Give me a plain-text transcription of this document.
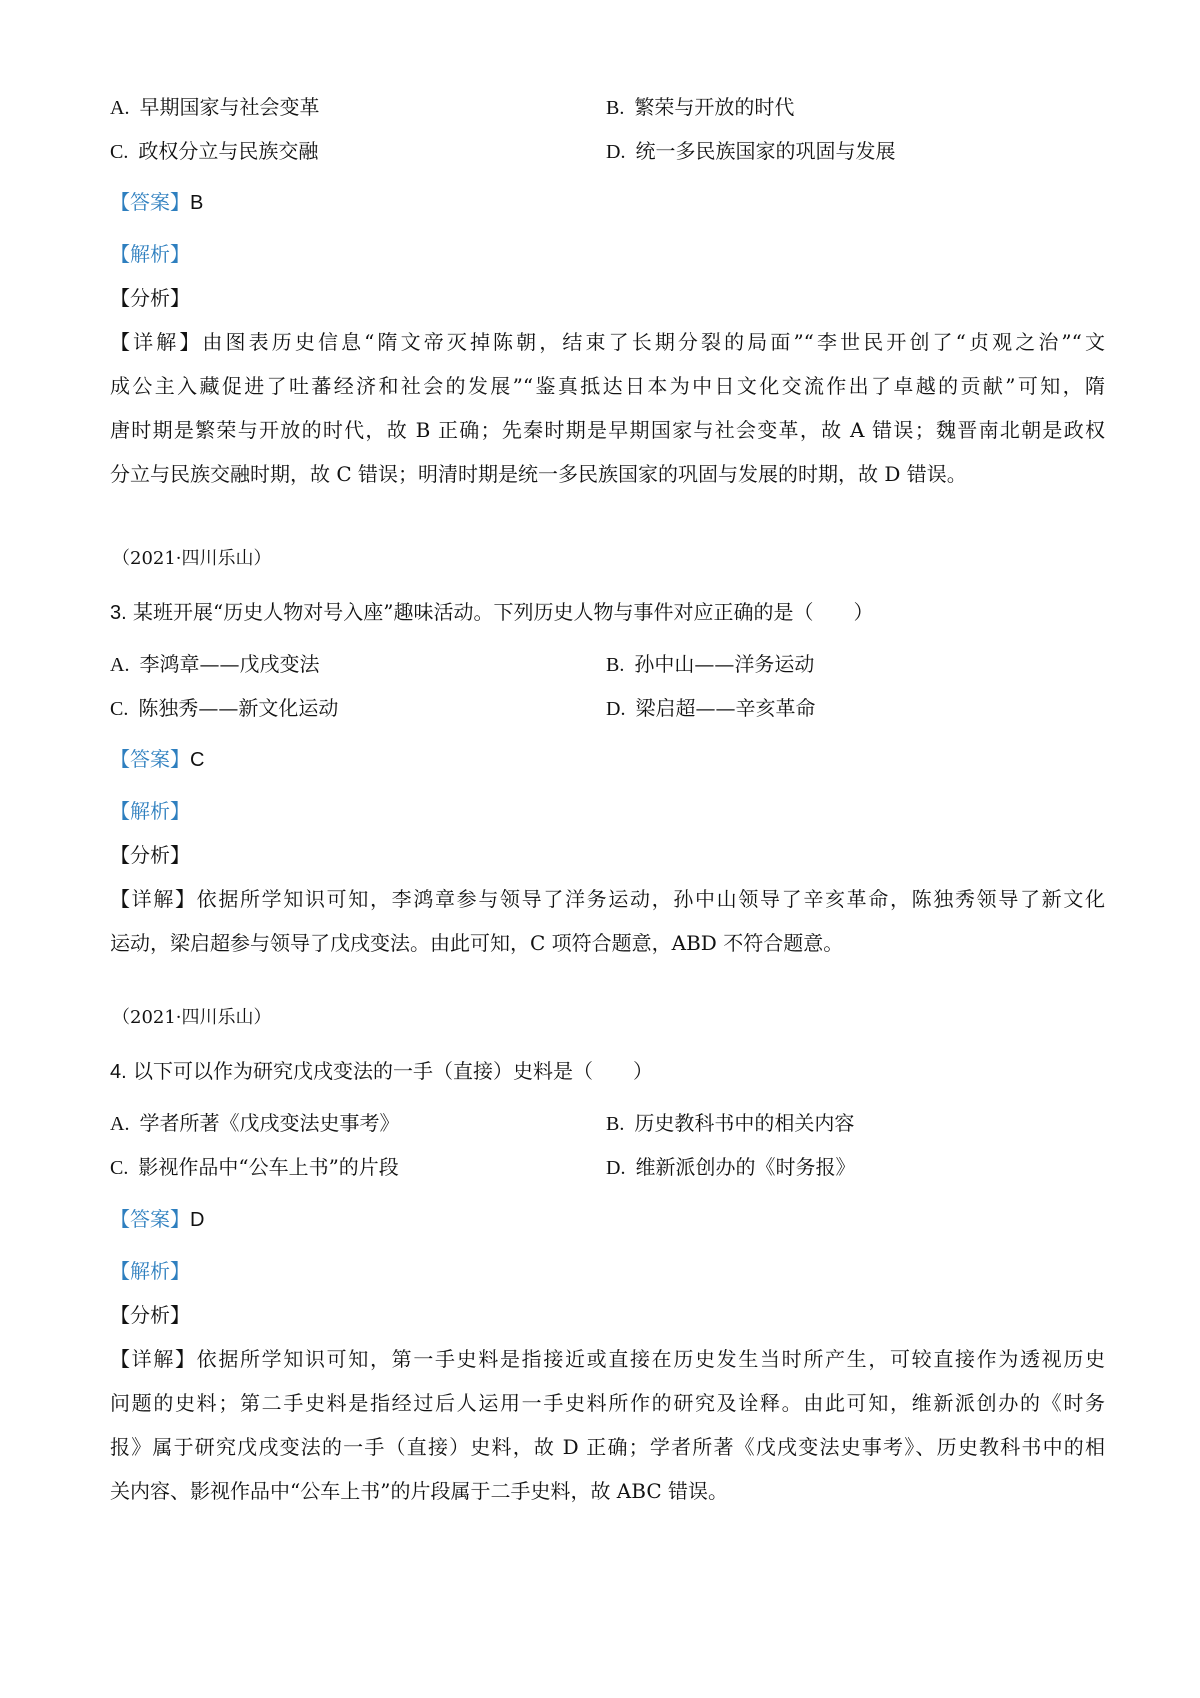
A. 早期国家与社会变革	B. 繁荣与开放的时代
C. 政权分立与民族交融	D. 统一多民族国家的巩固与发展
【答案】B
【解析】
【分析】
【详解】由图表历史信息“隋文帝灭掉陈朝，结束了长期分裂的局面”“李世民开创了“贞观之治”“文
成公主入藏促进了吐蕃经济和社会的发展”“鉴真抵达日本为中日文化交流作出了卓越的贡献”可知，隋
唐时期是繁荣与开放的时代，故 B 正确；先秦时期是早期国家与社会变革，故 A 错误；魏晋南北朝是政权
分立与民族交融时期，故 C 错误；明清时期是统一多民族国家的巩固与发展的时期，故 D 错误。
（2021·四川乐山）
3. 某班开展“历史人物对号入座”趣味活动。下列历史人物与事件对应正确的是（　　）
A. 李鸿章——戊戌变法	B. 孙中山——洋务运动
C. 陈独秀——新文化运动	D. 梁启超——辛亥革命
【答案】C
【解析】
【分析】
【详解】依据所学知识可知，李鸿章参与领导了洋务运动，孙中山领导了辛亥革命，陈独秀领导了新文化
运动，梁启超参与领导了戊戌变法。由此可知，C 项符合题意，ABD 不符合题意。
（2021·四川乐山）
4. 以下可以作为研究戊戌变法的一手（直接）史料是（　　）
A. 学者所著《戊戌变法史事考》	B. 历史教科书中的相关内容
C. 影视作品中“公车上书”的片段	D. 维新派创办的《时务报》
【答案】D
【解析】
【分析】
【详解】依据所学知识可知，第一手史料是指接近或直接在历史发生当时所产生，可较直接作为透视历史
问题的史料；第二手史料是指经过后人运用一手史料所作的研究及诠释。由此可知，维新派创办的《时务
报》属于研究戊戌变法的一手（直接）史料，故 D 正确；学者所著《戊戌变法史事考》、历史教科书中的相
关内容、影视作品中“公车上书”的片段属于二手史料，故 ABC 错误。
